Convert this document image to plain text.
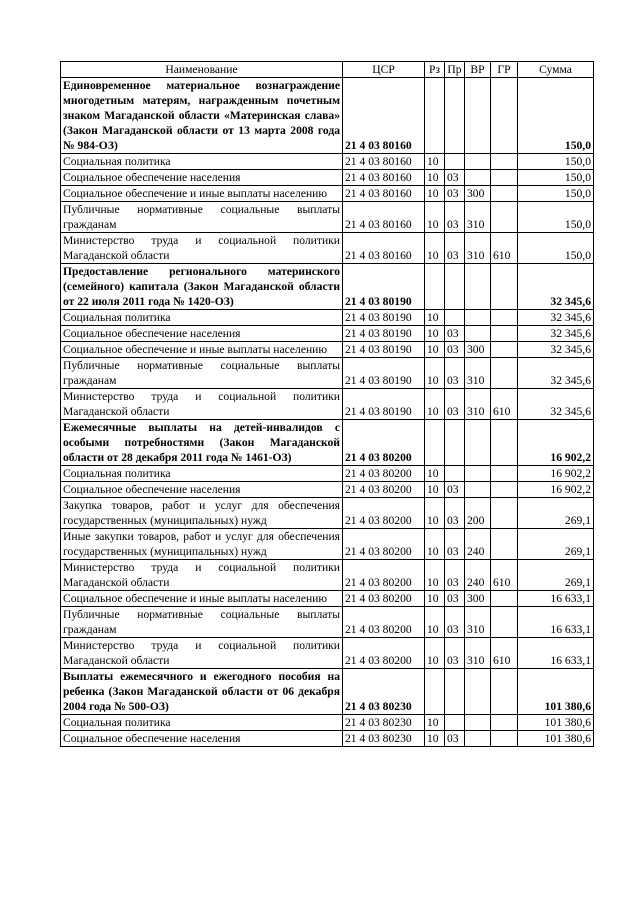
Наименование	ЦСР	Рз	Пр	ВР	ГР	Сумма
Единовременное материальное вознаграждение многодетным матерям, награжденным почетным знаком Магаданской области «Материнская слава» (Закон Магаданской области от 13 марта 2008 года № 984-ОЗ)	21 4 03 80160					150,0
Социальная политика	21 4 03 80160	10				150,0
Социальное обеспечение населения	21 4 03 80160	10	03			150,0
Социальное обеспечение и иные выплаты населению	21 4 03 80160	10	03	300		150,0
Публичные нормативные социальные выплаты гражданам	21 4 03 80160	10	03	310		150,0
Министерство труда и социальной политики Магаданской области	21 4 03 80160	10	03	310	610	150,0
Предоставление регионального материнского (семейного) капитала (Закон Магаданской области от 22 июля 2011 года № 1420-ОЗ)	21 4 03 80190					32 345,6
Социальная политика	21 4 03 80190	10				32 345,6
Социальное обеспечение населения	21 4 03 80190	10	03			32 345,6
Социальное обеспечение и иные выплаты населению	21 4 03 80190	10	03	300		32 345,6
Публичные нормативные социальные выплаты гражданам	21 4 03 80190	10	03	310		32 345,6
Министерство труда и социальной политики Магаданской области	21 4 03 80190	10	03	310	610	32 345,6
Ежемесячные выплаты на детей-инвалидов с особыми потребностями (Закон Магаданской области от 28 декабря 2011 года № 1461-ОЗ)	21 4 03 80200					16 902,2
Социальная политика	21 4 03 80200	10				16 902,2
Социальное обеспечение населения	21 4 03 80200	10	03			16 902,2
Закупка товаров, работ и услуг для обеспечения государственных (муниципальных) нужд	21 4 03 80200	10	03	200		269,1
Иные закупки товаров, работ и услуг для обеспечения государственных (муниципальных) нужд	21 4 03 80200	10	03	240		269,1
Министерство труда и социальной политики Магаданской области	21 4 03 80200	10	03	240	610	269,1
Социальное обеспечение и иные выплаты населению	21 4 03 80200	10	03	300		16 633,1
Публичные нормативные социальные выплаты гражданам	21 4 03 80200	10	03	310		16 633,1
Министерство труда и социальной политики Магаданской области	21 4 03 80200	10	03	310	610	16 633,1
Выплаты ежемесячного и ежегодного пособия на ребенка (Закон Магаданской области от 06 декабря 2004 года № 500-ОЗ)	21 4 03 80230					101 380,6
Социальная политика	21 4 03 80230	10				101 380,6
Социальное обеспечение населения	21 4 03 80230	10	03			101 380,6
